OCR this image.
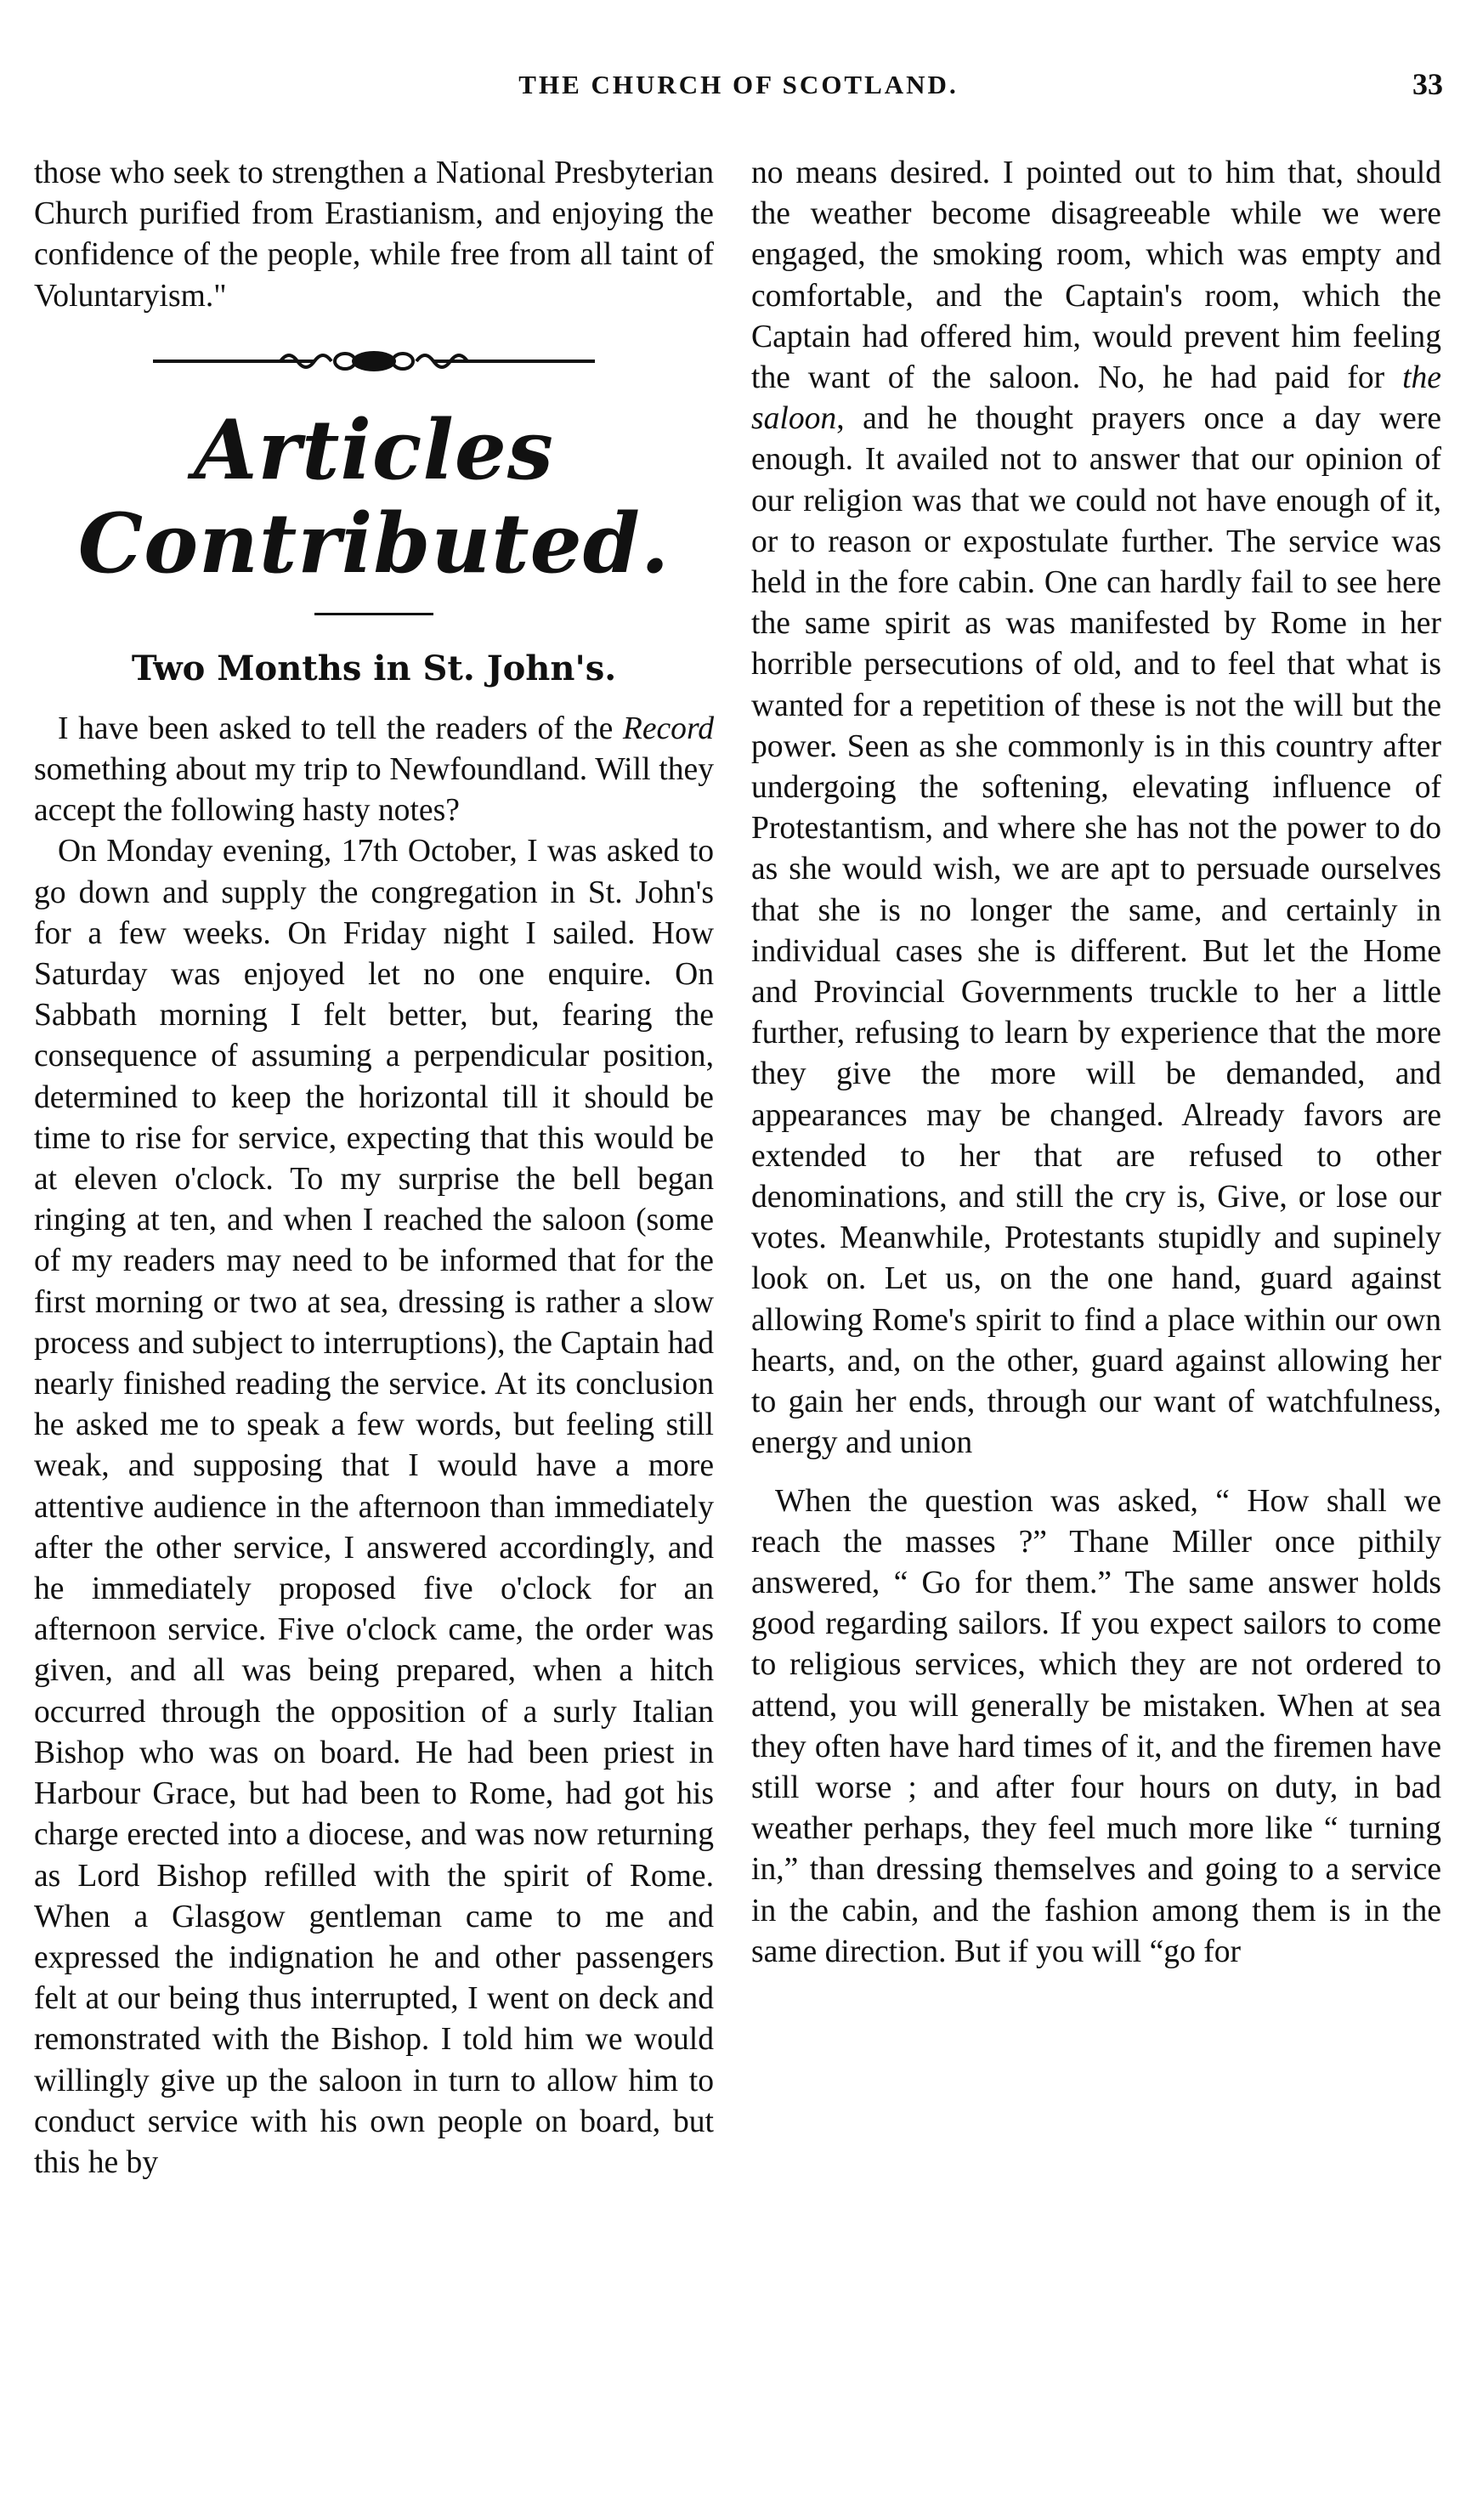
THE CHURCH OF SCOTLAND.	33

those who seek to strengthen a National Presbyterian Church purified from Erastianism, and enjoying the confidence of the people, while free from all taint of Voluntaryism."

Articles Contributed.
Two Months in St. John's.

I have been asked to tell the readers of the Record something about my trip to Newfoundland. Will they accept the following hasty notes?

On Monday evening, 17th October, I was asked to go down and supply the congregation in St. John's for a few weeks. On Friday night I sailed. How Saturday was enjoyed let no one enquire. On Sabbath morning I felt better, but, fearing the consequence of assuming a perpendicular position, determined to keep the horizontal till it should be time to rise for service, expecting that this would be at eleven o'clock. To my surprise the bell began ringing at ten, and when I reached the saloon (some of my readers may need to be informed that for the first morning or two at sea, dressing is rather a slow process and subject to interruptions), the Captain had nearly finished reading the service. At its conclusion he asked me to speak a few words, but feeling still weak, and supposing that I would have a more attentive audience in the afternoon than immediately after the other service, I answered accordingly, and he immediately proposed five o'clock for an afternoon service. Five o'clock came, the order was given, and all was being prepared, when a hitch occurred through the opposition of a surly Italian Bishop who was on board. He had been priest in Harbour Grace, but had been to Rome, had got his charge erected into a diocese, and was now returning as Lord Bishop refilled with the spirit of Rome. When a Glasgow gentleman came to me and expressed the indignation he and other passengers felt at our being thus interrupted, I went on deck and remonstrated with the Bishop. I told him we would willingly give up the saloon in turn to allow him to conduct service with his own people on board, but this he by

no means desired. I pointed out to him that, should the weather become disagreeable while we were engaged, the smoking room, which was empty and comfortable, and the Captain's room, which the Captain had offered him, would prevent him feeling the want of the saloon. No, he had paid for the saloon, and he thought prayers once a day were enough. It availed not to answer that our opinion of our religion was that we could not have enough of it, or to reason or expostulate further. The service was held in the fore cabin. One can hardly fail to see here the same spirit as was manifested by Rome in her horrible persecutions of old, and to feel that what is wanted for a repetition of these is not the will but the power. Seen as she commonly is in this country after undergoing the softening, elevating influence of Protestantism, and where she has not the power to do as she would wish, we are apt to persuade ourselves that she is no longer the same, and certainly in individual cases she is different. But let the Home and Provincial Governments truckle to her a little further, refusing to learn by experience that the more they give the more will be demanded, and appearances may be changed. Already favors are extended to her that are refused to other denominations, and still the cry is, Give, or lose our votes. Meanwhile, Protestants stupidly and supinely look on. Let us, on the one hand, guard against allowing Rome's spirit to find a place within our own hearts, and, on the other, guard against allowing her to gain her ends, through our want of watchfulness, energy and union

When the question was asked, “ How shall we reach the masses ?” Thane Miller once pithily answered, “ Go for them.” The same answer holds good regarding sailors. If you expect sailors to come to religious services, which they are not ordered to attend, you will generally be mistaken. When at sea they often have hard times of it, and the firemen have still worse ; and after four hours on duty, in bad weather perhaps, they feel much more like “ turning in,” than dressing themselves and going to a service in the cabin, and the fashion among them is in the same direction. But if you will “go for
